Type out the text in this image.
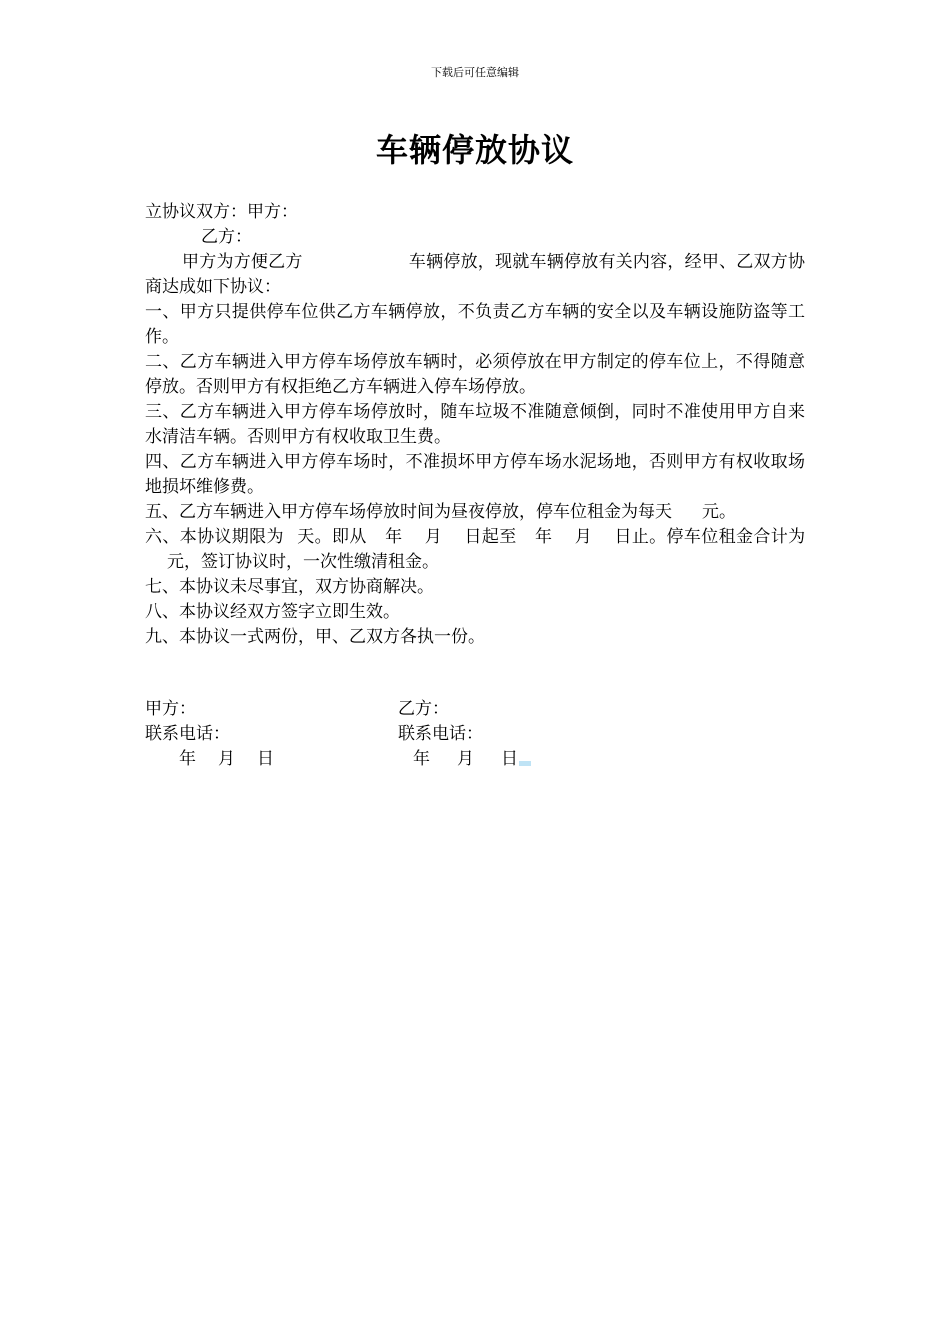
下载后可任意编辑
车辆停放协议

立协议双方：甲方：

乙方：

甲方为方便乙方	车辆停放，现就车辆停放有关内容，经甲、乙双方协商达成如下协议：

一、甲方只提供停车位供乙方车辆停放，不负责乙方车辆的安全以及车辆设施防盗等工作。

二、乙方车辆进入甲方停车场停放车辆时，必须停放在甲方制定的停车位上，不得随意停放。否则甲方有权拒绝乙方车辆进入停车场停放。

三、乙方车辆进入甲方停车场停放时，随车垃圾不准随意倾倒，同时不准使用甲方自来水清洁车辆。否则甲方有权收取卫生费。

四、乙方车辆进入甲方停车场时，不准损坏甲方停车场水泥场地，否则甲方有权收取场地损坏维修费。

五、乙方车辆进入甲方停车场停放时间为昼夜停放，停车位租金为每天 元。

六、本协议期限为 天。即从 年 月 日起至 年 月 日止。停车位租金合计为元，签订协议时，一次性缴清租金。

七、本协议未尽事宜，双方协商解决。

八、本协议经双方签字立即生效。

九、本协议一式两份，甲、乙双方各执一份。

甲方：	乙方：
联系电话：	联系电话：
年 月 日	年 月 日
